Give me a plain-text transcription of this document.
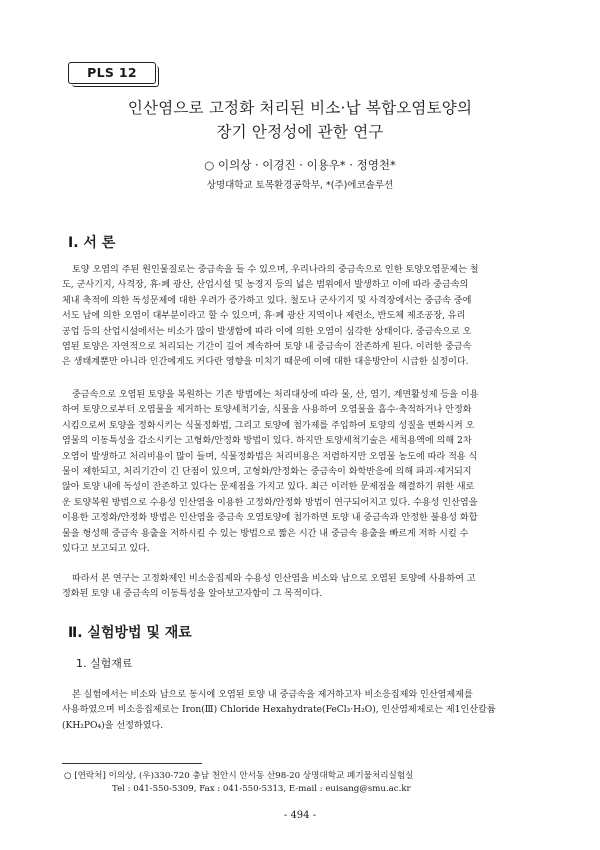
PLS 12
인산염으로 고정화 처리된 비소·납 복합오염토양의
장기 안정성에 관한 연구
○ 이의상 · 이경진 · 이용우* · 정영천*
상명대학교 토목환경공학부, *(주)에코솔루션
Ⅰ. 서 론
토양 오염의 주된 원인물질로는 중금속을 들 수 있으며, 우리나라의 중금속으로 인한 토양오염문제는 철
도, 군사기지, 사격장, 휴·폐 광산, 산업시설 및 농경지 등의 넓은 범위에서 발생하고 이에 따라 중금속의
체내 축적에 의한 독성문제에 대한 우려가 증가하고 있다. 철도나 군사기지 및 사격장에서는 중금속 중에
서도 납에 의한 오염이 대부분이라고 할 수 있으며, 휴·폐 광산 지역이나 제련소, 반도체 제조공장, 유리
공업 등의 산업시설에서는 비소가 많이 발생함에 따라 이에 의한 오염이 심각한 상태이다. 중금속으로 오
염된 토양은 자연적으로 처리되는 기간이 길어 계속하여 토양 내 중금속이 잔존하게 된다. 이러한 중금속
은 생태계뿐만 아니라 인간에게도 커다란 영향을 미치기 때문에 이에 대한 대응방안이 시급한 실정이다.
중금속으로 오염된 토양을 복원하는 기존 방법에는 처리대상에 따라 물, 산, 염기, 계면활성제 등을 이용
하여 토양으로부터 오염물을 제거하는 토양세척기술, 식물을 사용하여 오염물을 흡수·축적하거나 안정화
시킴으로써 토양을 정화시키는 식물정화법, 그리고 토양에 첨가제를 주입하여 토양의 성질을 변화시켜 오
염물의 이동특성을 감소시키는 고형화/안정화 방법이 있다. 하지만 토양세척기술은 세척용액에 의해 2차
오염이 발생하고 처리비용이 많이 들며, 식물정화법은 처리비용은 저렴하지만 오염물 농도에 따라 적용 식
물이 제한되고, 처리기간이 긴 단점이 있으며, 고형화/안정화는 중금속이 화학반응에 의해 파괴·제거되지
않아 토양 내에 독성이 잔존하고 있다는 문제점을 가지고 있다. 최근 이러한 문제점을 해결하기 위한 새로
운 토양복원 방법으로 수용성 인산염을 이용한 고정화/안정화 방법이 연구되어지고 있다. 수용성 인산염을
이용한 고정화/안정화 방법은 인산염을 중금속 오염토양에 첨가하면 토양 내 중금속과 안정한 불용성 화합
물을 형성해 중금속 용출을 저하시킬 수 있는 방법으로 짧은 시간 내 중금속 용출을 빠르게 저하 시킬 수
있다고 보고되고 있다.
따라서 본 연구는 고정화제인 비소응집제와 수용성 인산염을 비소와 납으로 오염된 토양에 사용하여 고
정화된 토양 내 중금속의 이동특성을 알아보고자함이 그 목적이다.
Ⅱ. 실험방법 및 재료
1. 실험재료
본 실험에서는 비소와 납으로 동시에 오염된 토양 내 중금속을 제거하고자 비소응집제와 인산염제제를
사용하였으며 비소응집제로는 Iron(Ⅲ) Chloride Hexahydrate(FeCl₃·H₂O), 인산염제제로는 제1인산칼륨
(KH₂PO₄)을 선정하였다.
○ [연락처] 이의상, (우)330-720 충남 천안시 안서동 산98-20 상명대학교 폐기물처리실험실
Tel : 041-550-5309, Fax : 041-550-5313, E-mail : euisang@smu.ac.kr
- 494 -
